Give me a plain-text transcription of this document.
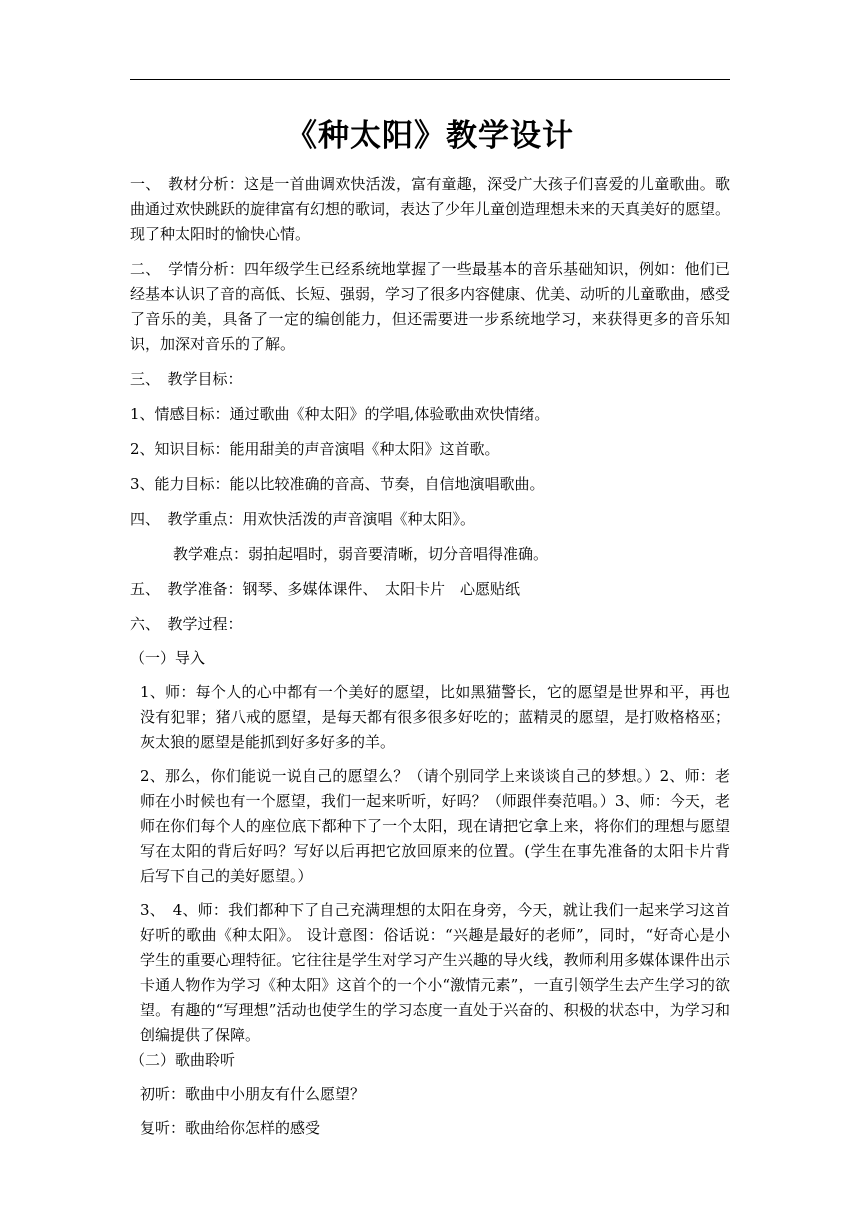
《种太阳》教学设计

一、　教材分析：这是一首曲调欢快活泼，富有童趣，深受广大孩子们喜爱的儿童歌曲。歌曲通过欢快跳跃的旋律富有幻想的歌词，表达了少年儿童创造理想未来的天真美好的愿望。现了种太阳时的愉快心情。

二、　学情分析：四年级学生已经系统地掌握了一些最基本的音乐基础知识，例如：他们已经基本认识了音的高低、长短、强弱，学习了很多内容健康、优美、动听的儿童歌曲，感受了音乐的美，具备了一定的编创能力，但还需要进一步系统地学习，来获得更多的音乐知识，加深对音乐的了解。

三、　教学目标：

1、情感目标：通过歌曲《种太阳》的学唱,体验歌曲欢快情绪。

2、知识目标：能用甜美的声音演唱《种太阳》这首歌。

3、能力目标：能以比较准确的音高、节奏，自信地演唱歌曲。

四、　教学重点：用欢快活泼的声音演唱《种太阳》。

教学难点：弱拍起唱时，弱音要清晰，切分音唱得准确。

五、　教学准备：钢琴、多媒体课件、　太阳卡片　心愿贴纸

六、　教学过程：

（一）导入

1、师：每个人的心中都有一个美好的愿望，比如黑猫警长，它的愿望是世界和平，再也没有犯罪；猪八戒的愿望，是每天都有很多很多好吃的；蓝精灵的愿望，是打败格格巫；灰太狼的愿望是能抓到好多好多的羊。

2、那么，你们能说一说自己的愿望么？（请个别同学上来谈谈自己的梦想。）2、师：老师在小时候也有一个愿望，我们一起来听听，好吗？（师跟伴奏范唱。）3、师：今天，老师在你们每个人的座位底下都种下了一个太阳，现在请把它拿上来，将你们的理想与愿望写在太阳的背后好吗？写好以后再把它放回原来的位置。(学生在事先准备的太阳卡片背后写下自己的美好愿望。）

3、　4、师：我们都种下了自己充满理想的太阳在身旁，今天，就让我们一起来学习这首好听的歌曲《种太阳》。 设计意图：俗话说：“兴趣是最好的老师”，同时，“好奇心是小学生的重要心理特征。它往往是学生对学习产生兴趣的导火线，教师利用多媒体课件出示卡通人物作为学习《种太阳》这首个的一个小“激情元素”，一直引领学生去产生学习的欲望。有趣的“写理想”活动也使学生的学习态度一直处于兴奋的、积极的状态中，为学习和创编提供了保障。

（二）歌曲聆听

初听：歌曲中小朋友有什么愿望？

复听：歌曲给你怎样的感受
